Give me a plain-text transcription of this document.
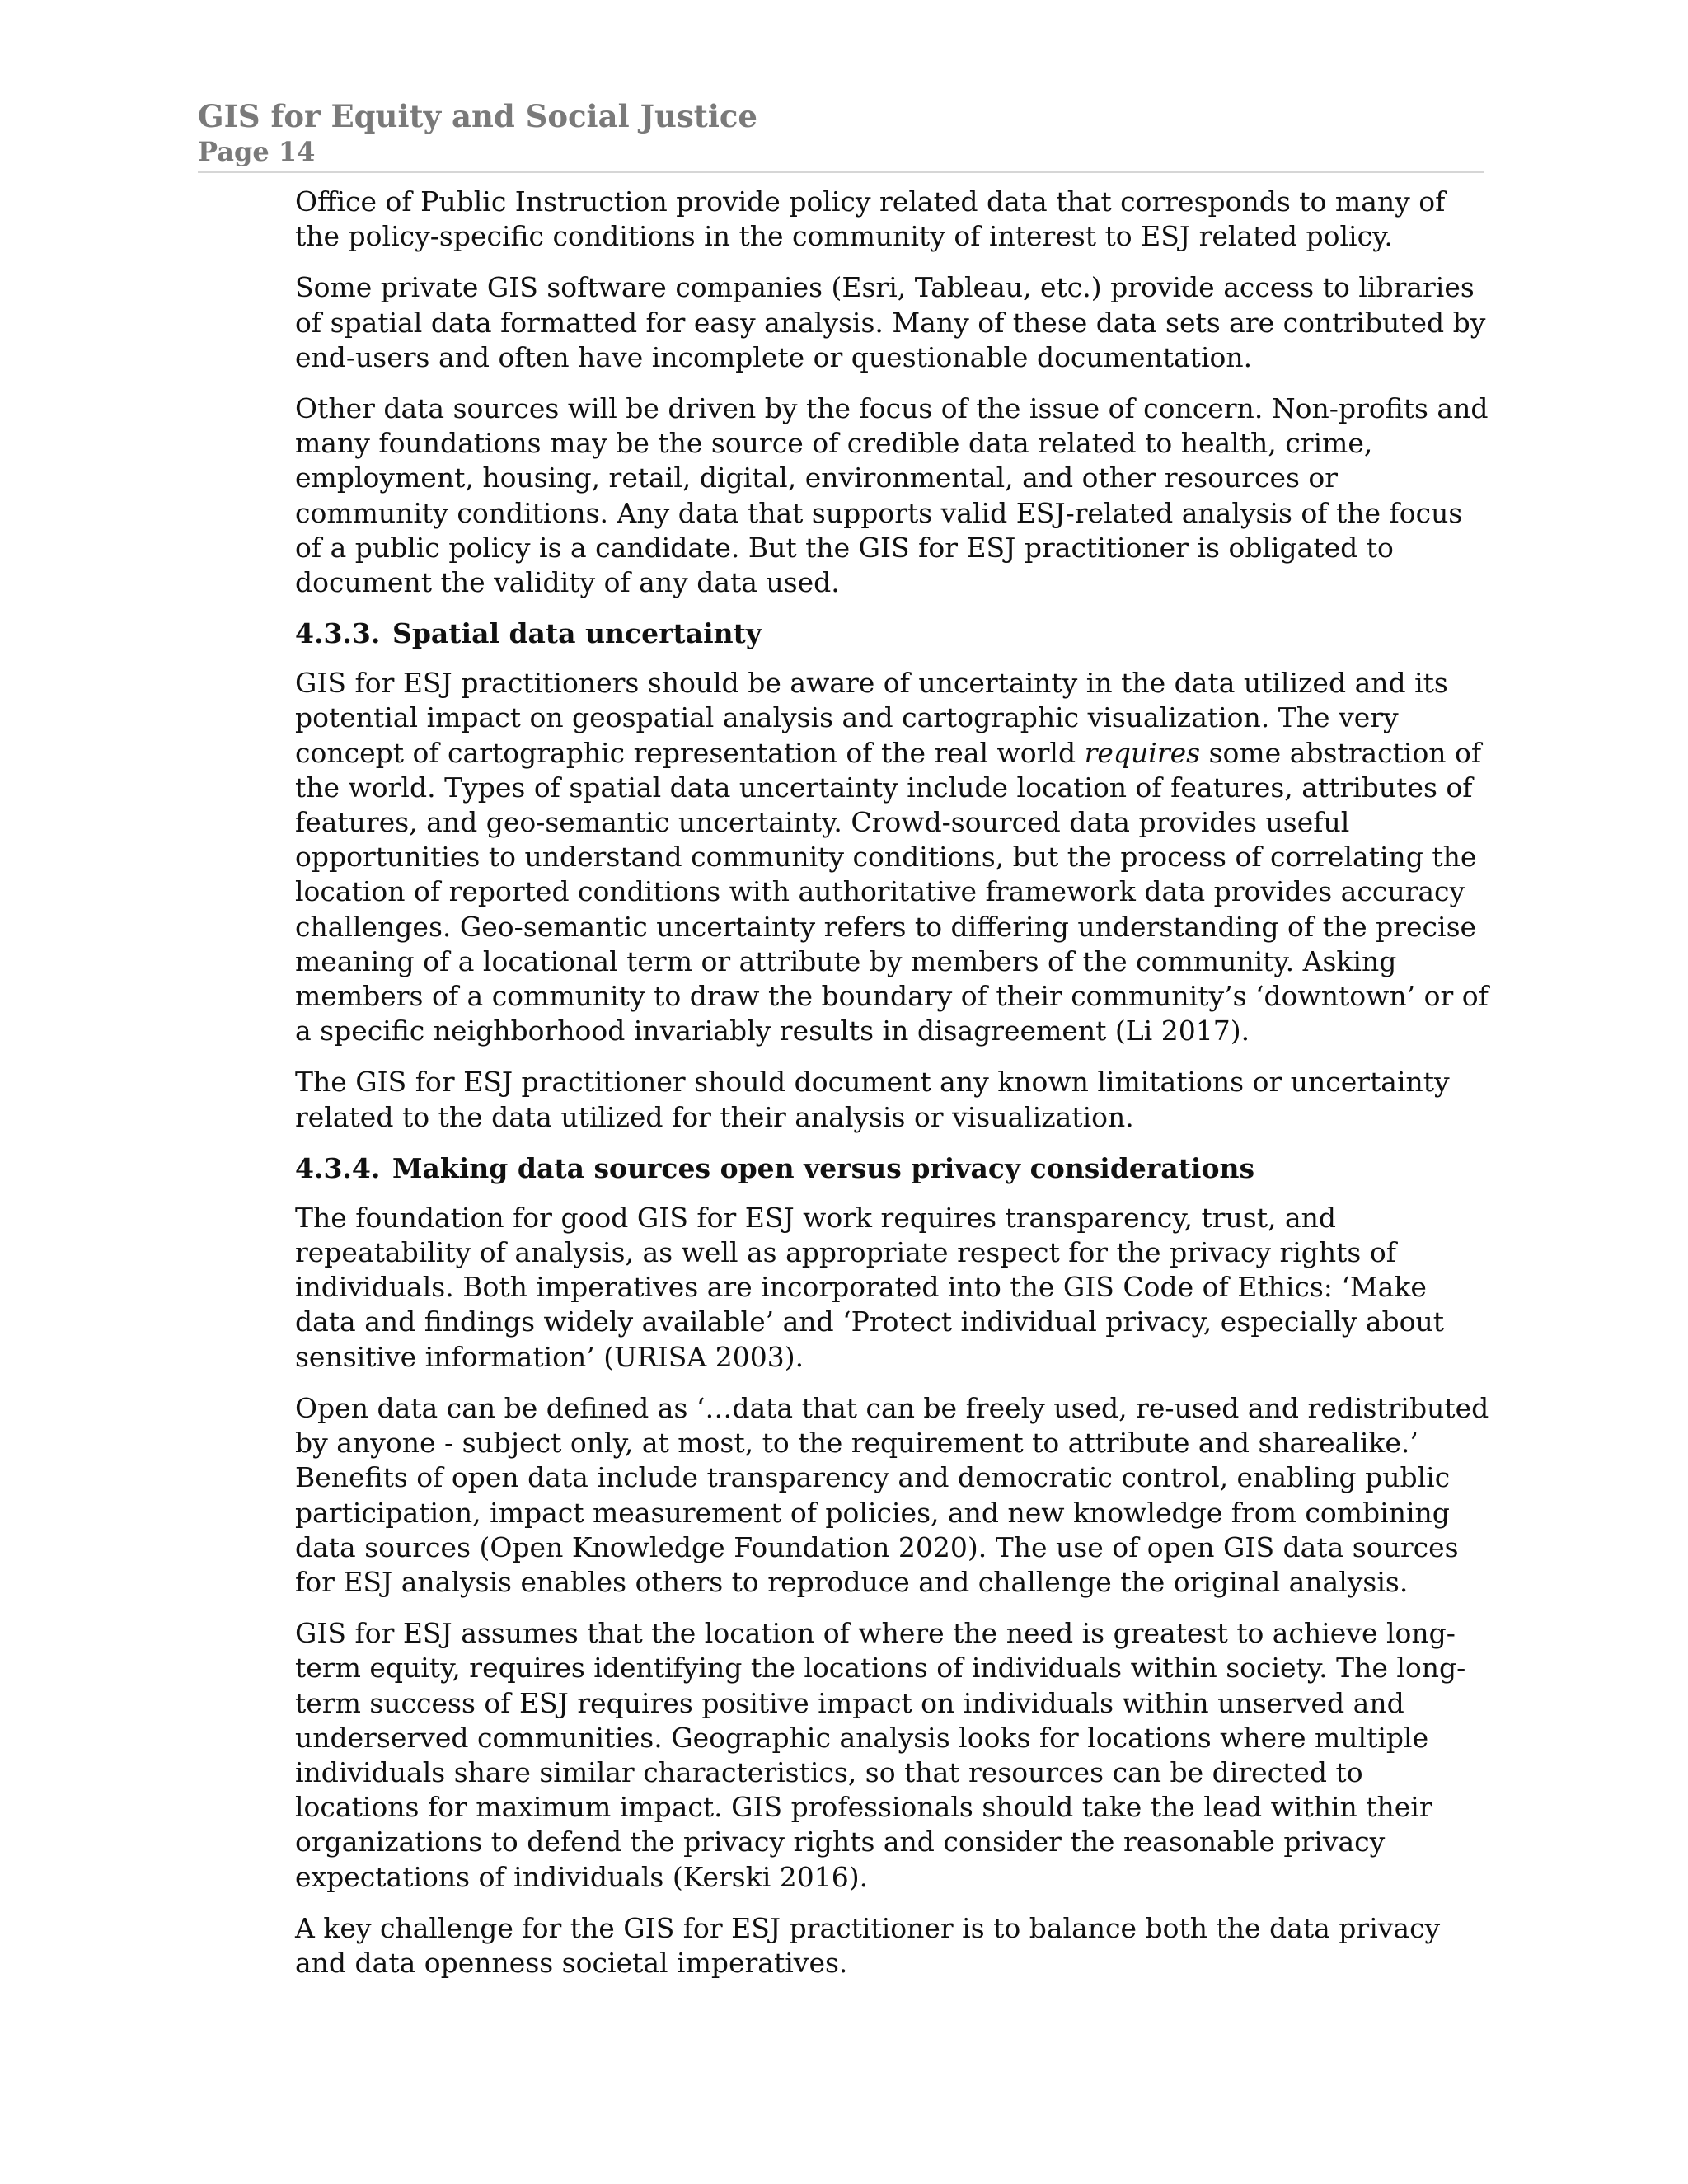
GIS for Equity and Social Justice
Page 14

Office of Public Instruction provide policy related data that corresponds to many of the policy-specific conditions in the community of interest to ESJ related policy.

Some private GIS software companies (Esri, Tableau, etc.) provide access to libraries of spatial data formatted for easy analysis. Many of these data sets are contributed by end-users and often have incomplete or questionable documentation.

Other data sources will be driven by the focus of the issue of concern. Non-profits and many foundations may be the source of credible data related to health, crime, employment, housing, retail, digital, environmental, and other resources or community conditions. Any data that supports valid ESJ-related analysis of the focus of a public policy is a candidate. But the GIS for ESJ practitioner is obligated to document the validity of any data used.

4.3.3. Spatial data uncertainty

GIS for ESJ practitioners should be aware of uncertainty in the data utilized and its potential impact on geospatial analysis and cartographic visualization. The very concept of cartographic representation of the real world requires some abstraction of the world. Types of spatial data uncertainty include location of features, attributes of features, and geo-semantic uncertainty. Crowd-sourced data provides useful opportunities to understand community conditions, but the process of correlating the location of reported conditions with authoritative framework data provides accuracy challenges. Geo-semantic uncertainty refers to differing understanding of the precise meaning of a locational term or attribute by members of the community. Asking members of a community to draw the boundary of their community’s ‘downtown’ or of a specific neighborhood invariably results in disagreement (Li 2017).

The GIS for ESJ practitioner should document any known limitations or uncertainty related to the data utilized for their analysis or visualization.

4.3.4. Making data sources open versus privacy considerations

The foundation for good GIS for ESJ work requires transparency, trust, and repeatability of analysis, as well as appropriate respect for the privacy rights of individuals. Both imperatives are incorporated into the GIS Code of Ethics: ‘Make data and findings widely available’ and ‘Protect individual privacy, especially about sensitive information’ (URISA 2003).

Open data can be defined as ‘…data that can be freely used, re-used and redistributed by anyone - subject only, at most, to the requirement to attribute and sharealike.’ Benefits of open data include transparency and democratic control, enabling public participation, impact measurement of policies, and new knowledge from combining data sources (Open Knowledge Foundation 2020). The use of open GIS data sources for ESJ analysis enables others to reproduce and challenge the original analysis.

GIS for ESJ assumes that the location of where the need is greatest to achieve long-term equity, requires identifying the locations of individuals within society. The long-term success of ESJ requires positive impact on individuals within unserved and underserved communities. Geographic analysis looks for locations where multiple individuals share similar characteristics, so that resources can be directed to locations for maximum impact. GIS professionals should take the lead within their organizations to defend the privacy rights and consider the reasonable privacy expectations of individuals (Kerski 2016).

A key challenge for the GIS for ESJ practitioner is to balance both the data privacy and data openness societal imperatives.
